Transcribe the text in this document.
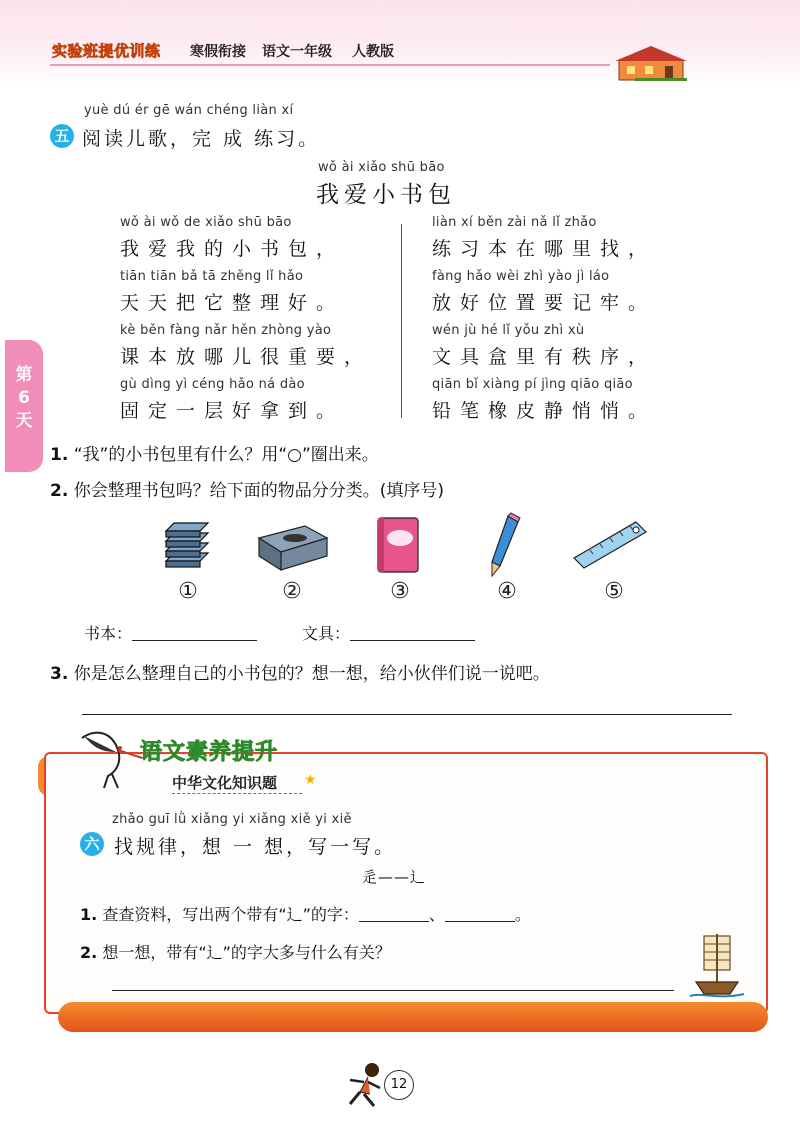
实验班提优训练 寒假衔接 语文一年级 人教版
第
6
天
yuè dú ér gē wán chéng liàn xí
五 阅读儿歌，完 成 练习。
wǒ ài xiǎo shū bāo
我爱小书包
wǒ ài wǒ de xiǎo shū bāo
我爱我的小书包，
tiān tiān bǎ tā zhěng lǐ hǎo
天天把它整理好。
kè běn fàng nǎr hěn zhòng yào
课本放哪儿很重要，
gù dìng yì céng hǎo ná dào
固定一层好拿到。
liàn xí běn zài nǎ lǐ zhǎo
练习本在哪里找，
fàng hǎo wèi zhì yào jì láo
放好位置要记牢。
wén jù hé lǐ yǒu zhì xù
文具盒里有秩序，
qiān bǐ xiàng pí jìng qiāo qiāo
铅笔橡皮静悄悄。
1. “我”的小书包里有什么？用“○”圈出来。
2. 你会整理书包吗？给下面的物品分分类。(填序号)
①	②	③	④	⑤
书本：	文具：
3. 你是怎么整理自己的小书包的？想一想，给小伙伴们说一说吧。
语文素养提升
中华文化知识题 ★
zhǎo guī lǜ xiǎng yi xiǎng xiě yi xiě
六 找规律，想 一 想，写一写。
辵——辶
1. 查查资料，写出两个带有“辶”的字：	、	。
2. 想一想，带有“辶”的字大多与什么有关？
12
